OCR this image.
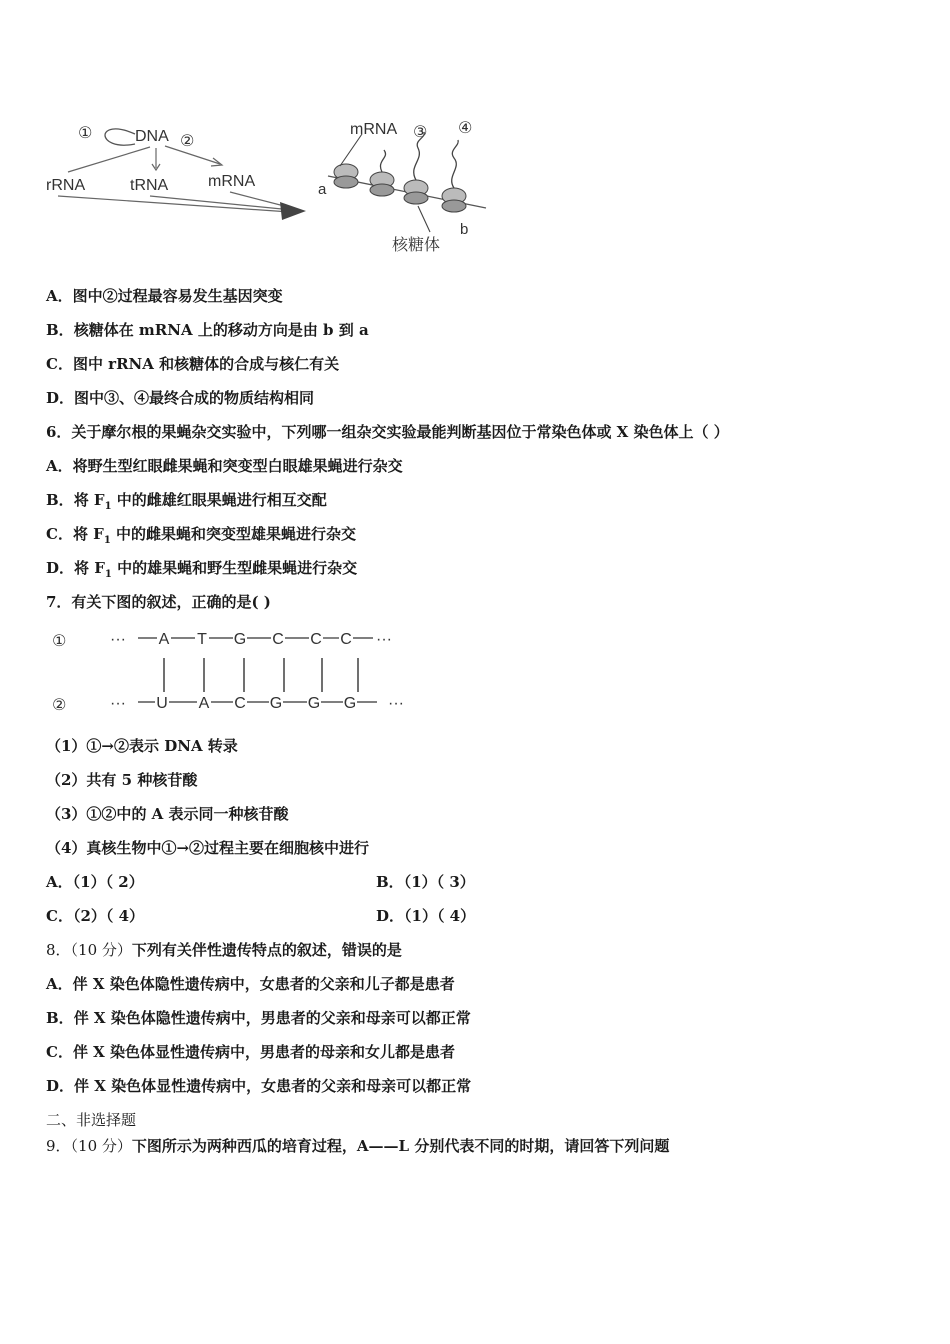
①	DNA ②
rRNA	tRNA mRNA
mRNA ③ ④
a
b
核糖体
A．图中②过程最容易发生基因突变
B．核糖体在 mRNA 上的移动方向是由 b 到 a
C．图中 rRNA 和核糖体的合成与核仁有关
D．图中③、④最终合成的物质结构相同
6．关于摩尔根的果蝇杂交实验中，下列哪一组杂交实验最能判断基因位于常染色体或 X 染色体上（ ）
A．将野生型红眼雌果蝇和突变型白眼雄果蝇进行杂交
B．将 $F_1$ 中的雌雄红眼果蝇进行相互交配
C．将 $F_1$ 中的雌果蝇和突变型雄果蝇进行杂交
D．将 $F_1$ 中的雄果蝇和野生型雌果蝇进行杂交
7．有关下图的叙述，正确的是( )
①
②
···	···
···	···
A T G C C C
U A C G G G
（1）①→②表示 DNA 转录
（2）共有 5 种核苷酸
（3）①②中的 A 表示同一种核苷酸
（4）真核生物中①→②过程主要在细胞核中进行
A．（1）（ 2）	B．（1）（ 3）
C．（2）（ 4）	D．（1）（ 4）
8．（10 分）下列有关伴性遗传特点的叙述，错误的是
A．伴 X 染色体隐性遗传病中，女患者的父亲和儿子都是患者
B．伴 X 染色体隐性遗传病中，男患者的父亲和母亲可以都正常
C．伴 X 染色体显性遗传病中，男患者的母亲和女儿都是患者
D．伴 X 染色体显性遗传病中，女患者的父亲和母亲可以都正常
二、非选择题
9．（10 分）下图所示为两种西瓜的培育过程，A——L 分别代表不同的时期，请回答下列问题
